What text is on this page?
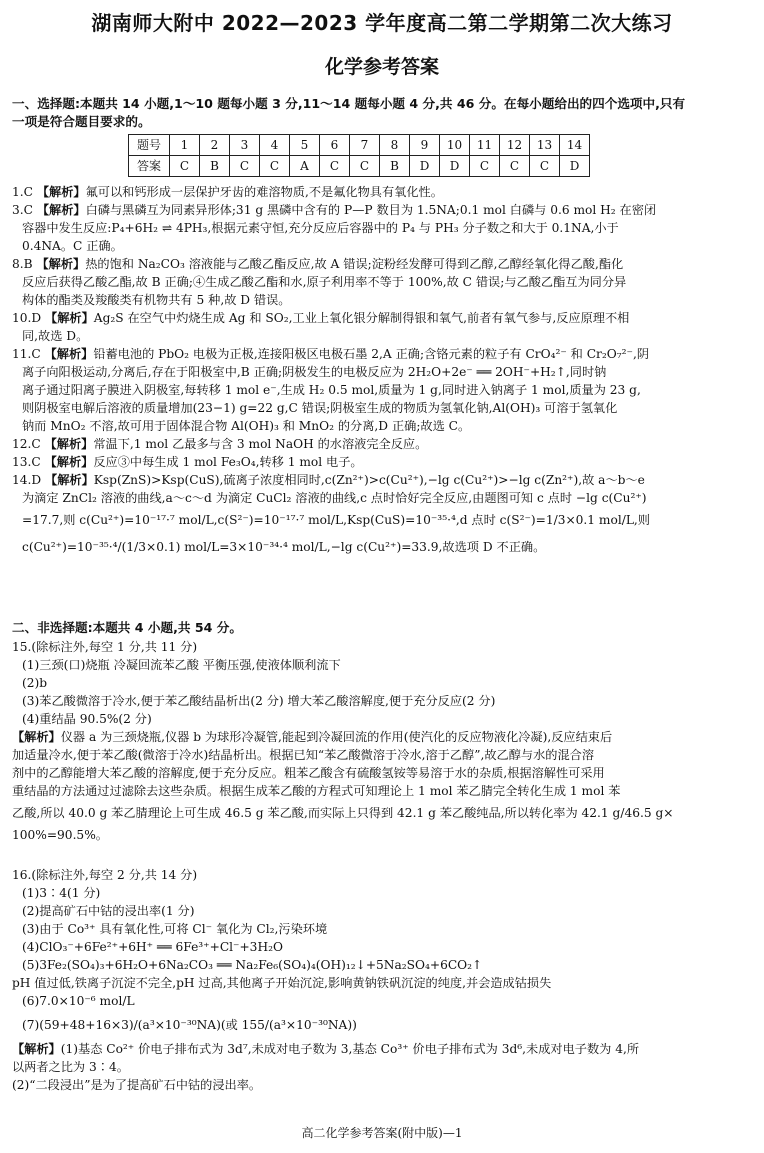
湖南师大附中 2022—2023 学年度高二第二学期第二次大练习
化学参考答案
一、选择题:本题共 14 小题,1～10 题每小题 3 分,11～14 题每小题 4 分,共 46 分。在每小题给出的四个选项中,只有
一项是符合题目要求的。
题号	1	2	3	4	5	6	7	8	9	10	11	12	13	14
答案	C	B	C	C	A	C	C	B	D	D	C	C	C	D
1.C 【解析】氟可以和钙形成一层保护牙齿的难溶物质,不是氟化物具有氧化性。
3.C 【解析】白磷与黑磷互为同素异形体;31 g 黑磷中含有的 P—P 数目为 1.5NA;0.1 mol 白磷与 0.6 mol H₂ 在密闭
容器中发生反应:P₄+6H₂ ⇌ 4PH₃,根据元素守恒,充分反应后容器中的 P₄ 与 PH₃ 分子数之和大于 0.1NA,小于
0.4NA。C 正确。
8.B 【解析】热的饱和 Na₂CO₃ 溶液能与乙酸乙酯反应,故 A 错误;淀粉经发酵可得到乙醇,乙醇经氧化得乙酸,酯化
反应后获得乙酸乙酯,故 B 正确;④生成乙酸乙酯和水,原子利用率不等于 100%,故 C 错误;与乙酸乙酯互为同分异
构体的酯类及羧酸类有机物共有 5 种,故 D 错误。
10.D 【解析】Ag₂S 在空气中灼烧生成 Ag 和 SO₂,工业上氧化银分解制得银和氧气,前者有氧气参与,反应原理不相
同,故选 D。
11.C 【解析】铅蓄电池的 PbO₂ 电极为正极,连接阳极区电极石墨 2,A 正确;含铬元素的粒子有 CrO₄²⁻ 和 Cr₂O₇²⁻,阴
离子向阳极运动,分离后,存在于阳极室中,B 正确;阴极发生的电极反应为 2H₂O+2e⁻ ══ 2OH⁻+H₂↑,同时钠
离子通过阳离子膜进入阴极室,每转移 1 mol e⁻,生成 H₂ 0.5 mol,质量为 1 g,同时进入钠离子 1 mol,质量为 23 g,
则阴极室电解后溶液的质量增加(23−1) g=22 g,C 错误;阴极室生成的物质为氢氧化钠,Al(OH)₃ 可溶于氢氧化
钠而 MnO₂ 不溶,故可用于固体混合物 Al(OH)₃ 和 MnO₂ 的分离,D 正确;故选 C。
12.C 【解析】常温下,1 mol 乙最多与含 3 mol NaOH 的水溶液完全反应。
13.C 【解析】反应③中每生成 1 mol Fe₃O₄,转移 1 mol 电子。
14.D 【解析】Ksp(ZnS)>Ksp(CuS),硫离子浓度相同时,c(Zn²⁺)>c(Cu²⁺),−lg c(Cu²⁺)>−lg c(Zn²⁺),故 a～b～e
为滴定 ZnCl₂ 溶液的曲线,a～c～d 为滴定 CuCl₂ 溶液的曲线,c 点时恰好完全反应,由题图可知 c 点时 −lg c(Cu²⁺)
=17.7,则 c(Cu²⁺)=10⁻¹⁷·⁷ mol/L,c(S²⁻)=10⁻¹⁷·⁷ mol/L,Ksp(CuS)=10⁻³⁵·⁴,d 点时 c(S²⁻)=1/3×0.1 mol/L,则
c(Cu²⁺)=10⁻³⁵·⁴/(1/3×0.1) mol/L=3×10⁻³⁴·⁴ mol/L,−lg c(Cu²⁺)=33.9,故选项 D 不正确。
二、非选择题:本题共 4 小题,共 54 分。
15.(除标注外,每空 1 分,共 11 分)
(1)三颈(口)烧瓶 冷凝回流苯乙酸 平衡压强,使液体顺利流下
(2)b
(3)苯乙酸微溶于冷水,便于苯乙酸结晶析出(2 分) 增大苯乙酸溶解度,便于充分反应(2 分)
(4)重结晶 90.5%(2 分)
【解析】仪器 a 为三颈烧瓶,仪器 b 为球形冷凝管,能起到冷凝回流的作用(使汽化的反应物液化冷凝),反应结束后
加适量冷水,便于苯乙酸(微溶于冷水)结晶析出。根据已知“苯乙酸微溶于冷水,溶于乙醇”,故乙醇与水的混合溶
剂中的乙醇能增大苯乙酸的溶解度,便于充分反应。粗苯乙酸含有硫酸氢铵等易溶于水的杂质,根据溶解性可采用
重结晶的方法通过过滤除去这些杂质。根据生成苯乙酸的方程式可知理论上 1 mol 苯乙腈完全转化生成 1 mol 苯
乙酸,所以 40.0 g 苯乙腈理论上可生成 46.5 g 苯乙酸,而实际上只得到 42.1 g 苯乙酸纯品,所以转化率为 42.1 g/46.5 g×
100%=90.5%。
16.(除标注外,每空 2 分,共 14 分)
(1)3∶4(1 分)
(2)提高矿石中钴的浸出率(1 分)
(3)由于 Co³⁺ 具有氧化性,可将 Cl⁻ 氧化为 Cl₂,污染环境
(4)ClO₃⁻+6Fe²⁺+6H⁺ ══ 6Fe³⁺+Cl⁻+3H₂O
(5)3Fe₂(SO₄)₃+6H₂O+6Na₂CO₃ ══ Na₂Fe₆(SO₄)₄(OH)₁₂↓+5Na₂SO₄+6CO₂↑
pH 值过低,铁离子沉淀不完全,pH 过高,其他离子开始沉淀,影响黄钠铁矾沉淀的纯度,并会造成钴损失
(6)7.0×10⁻⁶ mol/L
(7)(59+48+16×3)/(a³×10⁻³⁰NA)(或 155/(a³×10⁻³⁰NA))
【解析】(1)基态 Co²⁺ 价电子排布式为 3d⁷,未成对电子数为 3,基态 Co³⁺ 价电子排布式为 3d⁶,未成对电子数为 4,所
以两者之比为 3∶4。
(2)“二段浸出”是为了提高矿石中钴的浸出率。
高二化学参考答案(附中版)—1
